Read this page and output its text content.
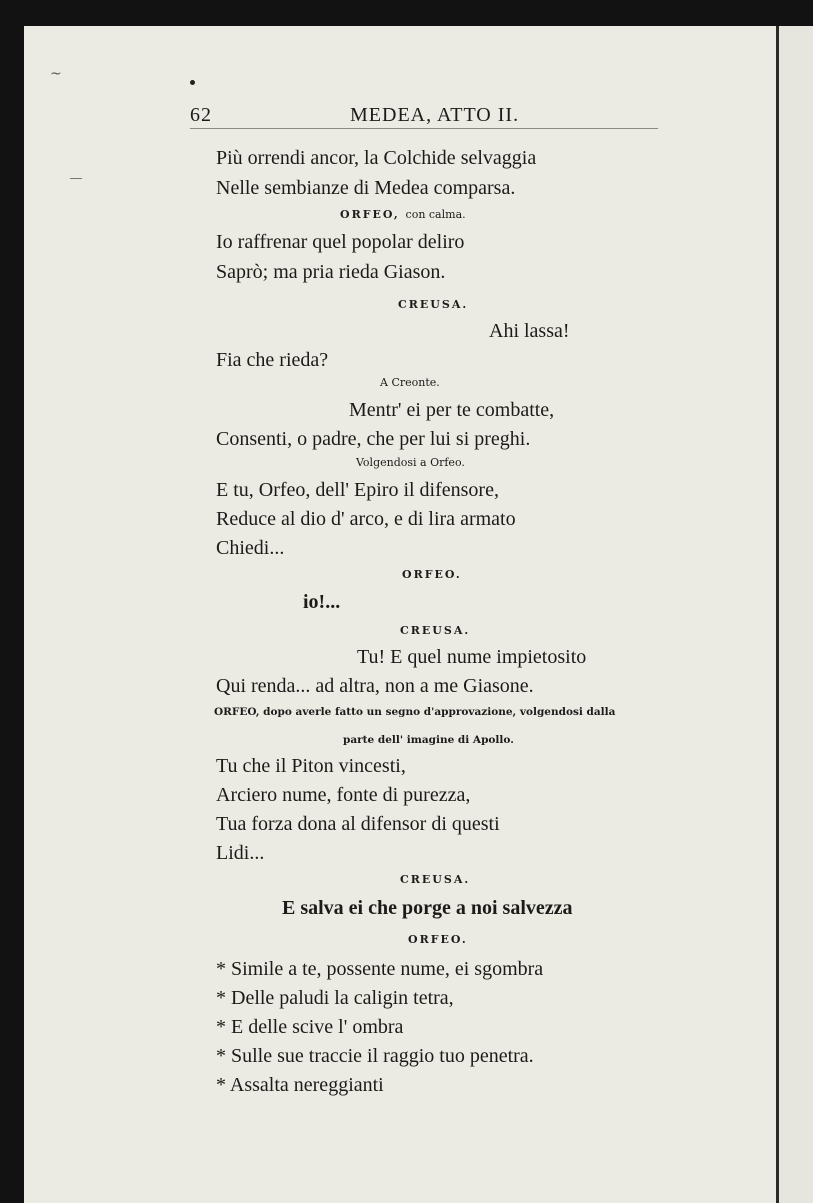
~
62	MEDEA, ATTO II.
Più orrendi ancor, la Colchide selvaggia
Nelle sembianze di Medea comparsa.
ORFEO, con calma.
Io raffrenar quel popolar deliro
Saprò; ma pria rieda Giason.
CREUSA.
Ahi lassa!
Fia che rieda?
A Creonte.
Mentr' ei per te combatte,
Consenti, o padre, che per lui si preghi.
Volgendosi a Orfeo.
E tu, Orfeo, dell' Epiro il difensore,
Reduce al dio d' arco, e di lira armato
Chiedi...
ORFEO.
io!...
CREUSA.
Tu! E quel nume impietosito
Qui renda... ad altra, non a me Giasone.
ORFEO, dopo averle fatto un segno d'approvazione, volgendosi dalla
parte dell' imagine di Apollo.
Tu che il Piton vincesti,
Arciero nume, fonte di purezza,
Tua forza dona al difensor di questi
Lidi...
CREUSA.
E salva ei che porge a noi salvezza
ORFEO.
* Simile a te, possente nume, ei sgombra
* Delle paludi la caligin tetra,
* E delle scive l' ombra
* Sulle sue traccie il raggio tuo penetra.
* Assalta nereggianti
